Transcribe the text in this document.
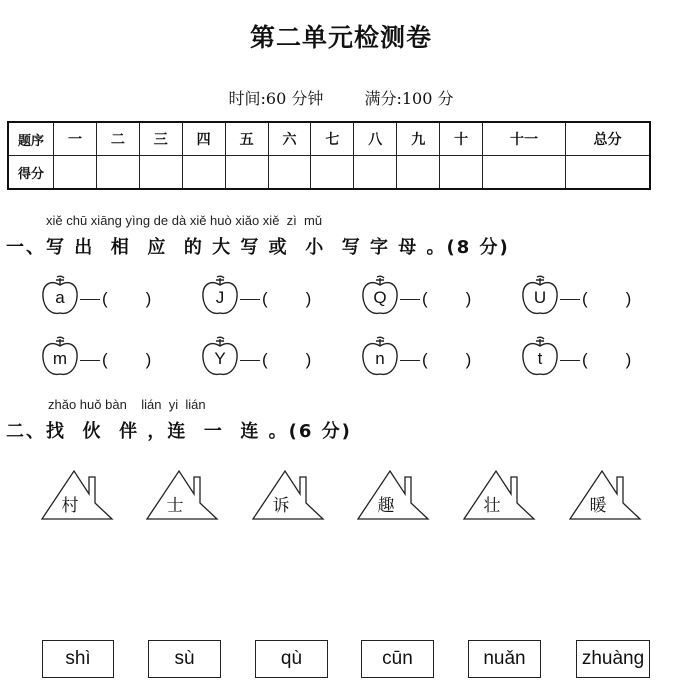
第二单元检测卷
时间:60 分钟	满分:100 分
题序	一	二	三	四	五	六	七	八	九	十	十一	总分
得分												
xiě chū xiāng yìng de dà xiě huò xiǎo xiě  zì  mǔ
一、写 出  相  应  的 大 写 或  小  写 字 母 。(8 分)
a	( )	J	( )	Q	( )	U	( )
m	( )	Y	( )	n	( )	t	( )
zhǎo huǒ bàn    lián  yi  lián
二、找  伙  伴 ，连  一  连 。(6 分)
村	士	诉	趣	壮	暖
shì	sù	qù	cūn	nuǎn	zhuàng
